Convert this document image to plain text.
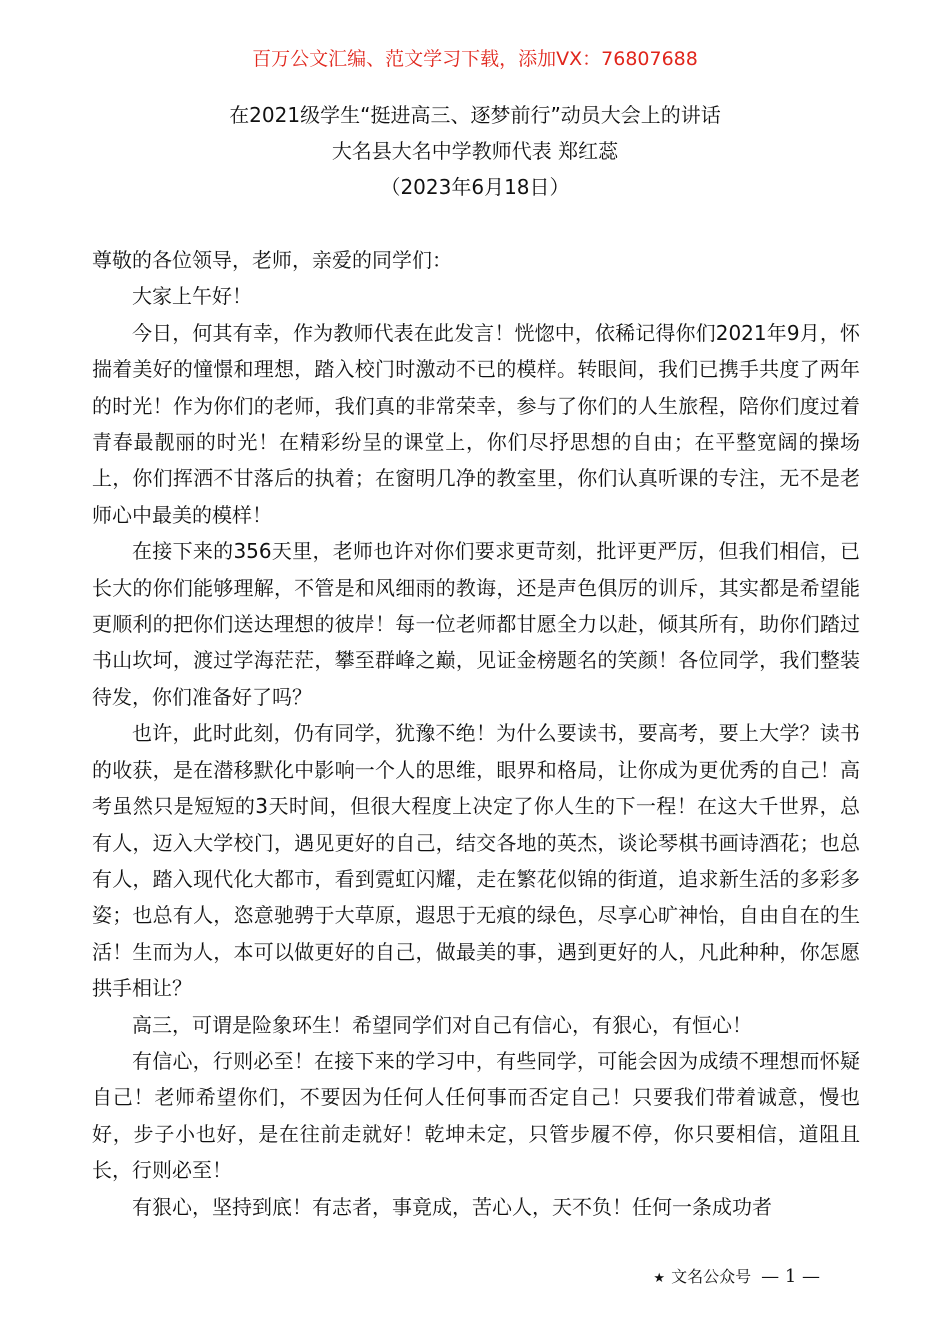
百万公文汇编、范文学习下载，添加VX：76807688
在2021级学生“挺进高三、逐梦前行”动员大会上的讲话
大名县大名中学教师代表 郑红蕊
（2023年6月18日）

尊敬的各位领导，老师，亲爱的同学们：

大家上午好！

今日，何其有幸，作为教师代表在此发言！恍惚中，依稀记得你们2021年9月，怀揣着美好的憧憬和理想，踏入校门时激动不已的模样。转眼间，我们已携手共度了两年的时光！作为你们的老师，我们真的非常荣幸，参与了你们的人生旅程，陪你们度过着青春最靓丽的时光！在精彩纷呈的课堂上，你们尽抒思想的自由；在平整宽阔的操场上，你们挥洒不甘落后的执着；在窗明几净的教室里，你们认真听课的专注，无不是老师心中最美的模样！

在接下来的356天里，老师也许对你们要求更苛刻，批评更严厉，但我们相信，已长大的你们能够理解，不管是和风细雨的教诲，还是声色俱厉的训斥，其实都是希望能更顺利的把你们送达理想的彼岸！每一位老师都甘愿全力以赴，倾其所有，助你们踏过书山坎坷，渡过学海茫茫，攀至群峰之巅，见证金榜题名的笑颜！各位同学，我们整装待发，你们准备好了吗？

也许，此时此刻，仍有同学，犹豫不绝！为什么要读书，要高考，要上大学？读书的收获，是在潜移默化中影响一个人的思维，眼界和格局，让你成为更优秀的自己！高考虽然只是短短的3天时间，但很大程度上决定了你人生的下一程！在这大千世界，总有人，迈入大学校门，遇见更好的自己，结交各地的英杰，谈论琴棋书画诗酒花；也总有人，踏入现代化大都市，看到霓虹闪耀，走在繁花似锦的街道，追求新生活的多彩多姿；也总有人，恣意驰骋于大草原，遐思于无痕的绿色，尽享心旷神怡，自由自在的生活！生而为人，本可以做更好的自己，做最美的事，遇到更好的人，凡此种种，你怎愿拱手相让？

高三，可谓是险象环生！希望同学们对自己有信心，有狠心，有恒心！

有信心，行则必至！在接下来的学习中，有些同学，可能会因为成绩不理想而怀疑自己！老师希望你们，不要因为任何人任何事而否定自己！只要我们带着诚意，慢也好，步子小也好，是在往前走就好！乾坤未定，只管步履不停，你只要相信，道阻且长，行则必至！

有狠心，坚持到底！有志者，事竟成，苦心人，天不负！任何一条成功者

★ 文名公众号 — 1 —
